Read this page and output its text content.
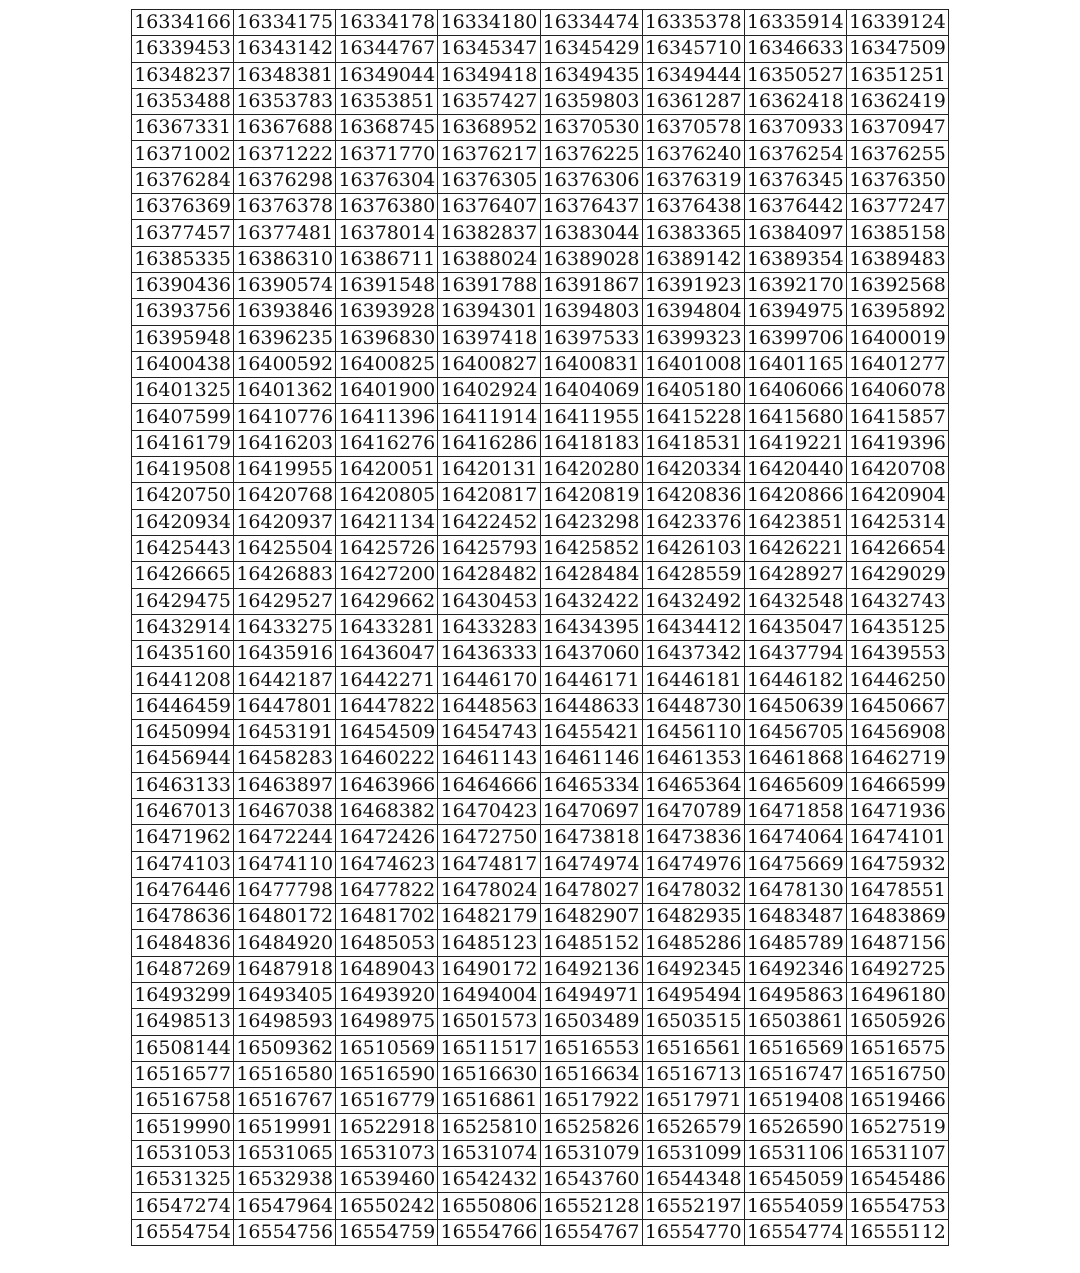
16334166	16334175	16334178	16334180	16334474	16335378	16335914	16339124
16339453	16343142	16344767	16345347	16345429	16345710	16346633	16347509
16348237	16348381	16349044	16349418	16349435	16349444	16350527	16351251
16353488	16353783	16353851	16357427	16359803	16361287	16362418	16362419
16367331	16367688	16368745	16368952	16370530	16370578	16370933	16370947
16371002	16371222	16371770	16376217	16376225	16376240	16376254	16376255
16376284	16376298	16376304	16376305	16376306	16376319	16376345	16376350
16376369	16376378	16376380	16376407	16376437	16376438	16376442	16377247
16377457	16377481	16378014	16382837	16383044	16383365	16384097	16385158
16385335	16386310	16386711	16388024	16389028	16389142	16389354	16389483
16390436	16390574	16391548	16391788	16391867	16391923	16392170	16392568
16393756	16393846	16393928	16394301	16394803	16394804	16394975	16395892
16395948	16396235	16396830	16397418	16397533	16399323	16399706	16400019
16400438	16400592	16400825	16400827	16400831	16401008	16401165	16401277
16401325	16401362	16401900	16402924	16404069	16405180	16406066	16406078
16407599	16410776	16411396	16411914	16411955	16415228	16415680	16415857
16416179	16416203	16416276	16416286	16418183	16418531	16419221	16419396
16419508	16419955	16420051	16420131	16420280	16420334	16420440	16420708
16420750	16420768	16420805	16420817	16420819	16420836	16420866	16420904
16420934	16420937	16421134	16422452	16423298	16423376	16423851	16425314
16425443	16425504	16425726	16425793	16425852	16426103	16426221	16426654
16426665	16426883	16427200	16428482	16428484	16428559	16428927	16429029
16429475	16429527	16429662	16430453	16432422	16432492	16432548	16432743
16432914	16433275	16433281	16433283	16434395	16434412	16435047	16435125
16435160	16435916	16436047	16436333	16437060	16437342	16437794	16439553
16441208	16442187	16442271	16446170	16446171	16446181	16446182	16446250
16446459	16447801	16447822	16448563	16448633	16448730	16450639	16450667
16450994	16453191	16454509	16454743	16455421	16456110	16456705	16456908
16456944	16458283	16460222	16461143	16461146	16461353	16461868	16462719
16463133	16463897	16463966	16464666	16465334	16465364	16465609	16466599
16467013	16467038	16468382	16470423	16470697	16470789	16471858	16471936
16471962	16472244	16472426	16472750	16473818	16473836	16474064	16474101
16474103	16474110	16474623	16474817	16474974	16474976	16475669	16475932
16476446	16477798	16477822	16478024	16478027	16478032	16478130	16478551
16478636	16480172	16481702	16482179	16482907	16482935	16483487	16483869
16484836	16484920	16485053	16485123	16485152	16485286	16485789	16487156
16487269	16487918	16489043	16490172	16492136	16492345	16492346	16492725
16493299	16493405	16493920	16494004	16494971	16495494	16495863	16496180
16498513	16498593	16498975	16501573	16503489	16503515	16503861	16505926
16508144	16509362	16510569	16511517	16516553	16516561	16516569	16516575
16516577	16516580	16516590	16516630	16516634	16516713	16516747	16516750
16516758	16516767	16516779	16516861	16517922	16517971	16519408	16519466
16519990	16519991	16522918	16525810	16525826	16526579	16526590	16527519
16531053	16531065	16531073	16531074	16531079	16531099	16531106	16531107
16531325	16532938	16539460	16542432	16543760	16544348	16545059	16545486
16547274	16547964	16550242	16550806	16552128	16552197	16554059	16554753
16554754	16554756	16554759	16554766	16554767	16554770	16554774	16555112
